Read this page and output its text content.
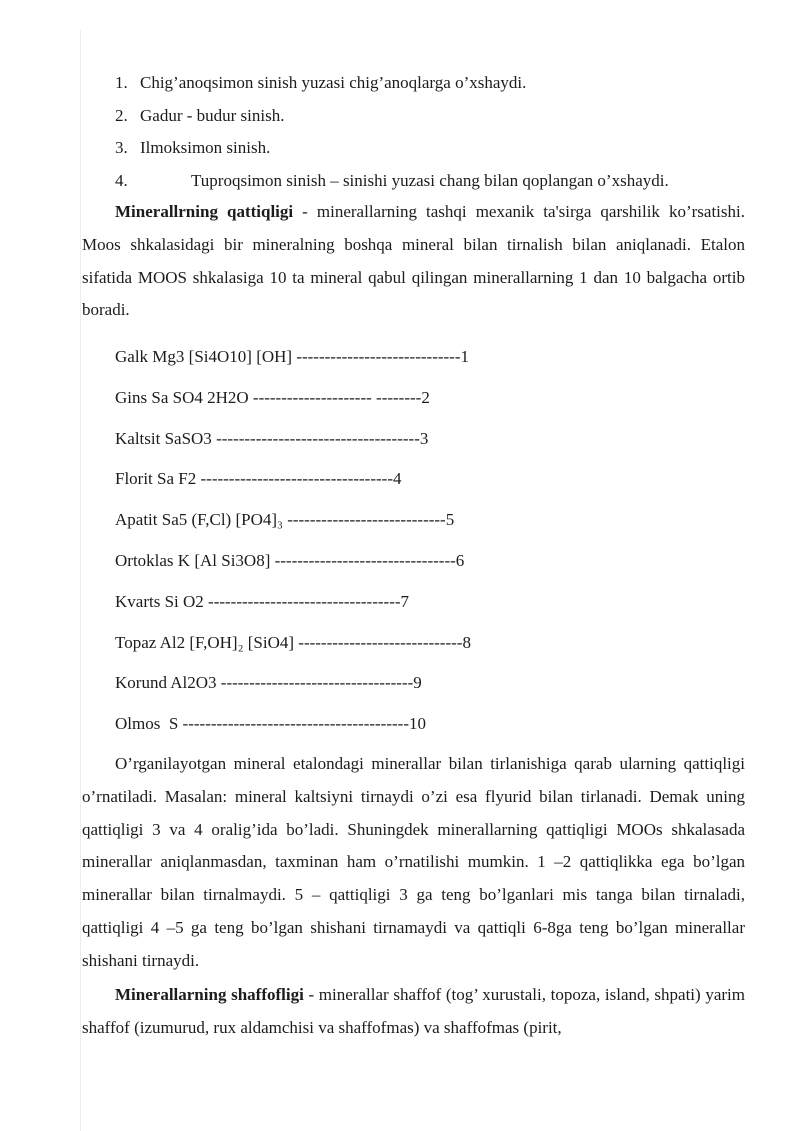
1. Chig’anoqsimon sinish yuzasi chig’anoqlarga o’xshaydi.
2. Gadur - budur sinish.
3. Ilmoksimon sinish.
4. Tuproqsimon sinish – sinishi yuzasi chang bilan qoplangan o’xshaydi.
Minerallrning qattiqligi - minerallarning tashqi mexanik ta'sirga qarshilik ko’rsatishi. Moos shkalasidagi bir mineralning boshqa mineral bilan tirnalish bilan aniqlanadi. Etalon sifatida MOOS shkalasiga 10 ta mineral qabul qilingan minerallarning 1 dan 10 balgacha ortib boradi.
Galk Mg3 [Si4O10] [OH] -----------------------------1
Gins Sa SO4 2H2O --------------------- --------2
Kaltsit SaSO3 ------------------------------------3
Florit Sa F2 ----------------------------------4
Apatit Sa5 (F,Cl) [PO4]₃ ----------------------------5
Ortoklas K [Al Si3O8] --------------------------------6
Kvarts Si O2 ----------------------------------7
Topaz Al2 [F,OH]₂ [SiO4] -----------------------------8
Korund Al2O3 ----------------------------------9
Olmos  S ----------------------------------------10
O’rganilayotgan mineral etalondagi minerallar bilan tirlanishiga qarab ularning qattiqligi o’rnatiladi. Masalan: mineral kaltsiyni tirnaydi o’zi esa flyurid bilan tirlanadi. Demak uning qattiqligi 3 va 4 oralig’ida bo’ladi. Shuningdek minerallarning qattiqligi MOOs shkalasada minerallar aniqlanmasdan, taxminan ham o’rnatilishi mumkin. 1 –2 qattiqlikka ega bo’lgan minerallar bilan tirnalmaydi. 5 – qattiqligi 3 ga teng bo’lganlari mis tanga bilan tirnaladi, qattiqligi 4 –5 ga teng bo’lgan shishani tirnamaydi va qattiqli 6-8ga teng bo’lgan minerallar shishani tirnaydi.
Minerallarning shaffofligi - minerallar shaffof (tog’ xurustali, topoza, island, shpati) yarim shaffof (izumurud, rux aldamchisi va shaffofmas) va shaffofmas (pirit,
